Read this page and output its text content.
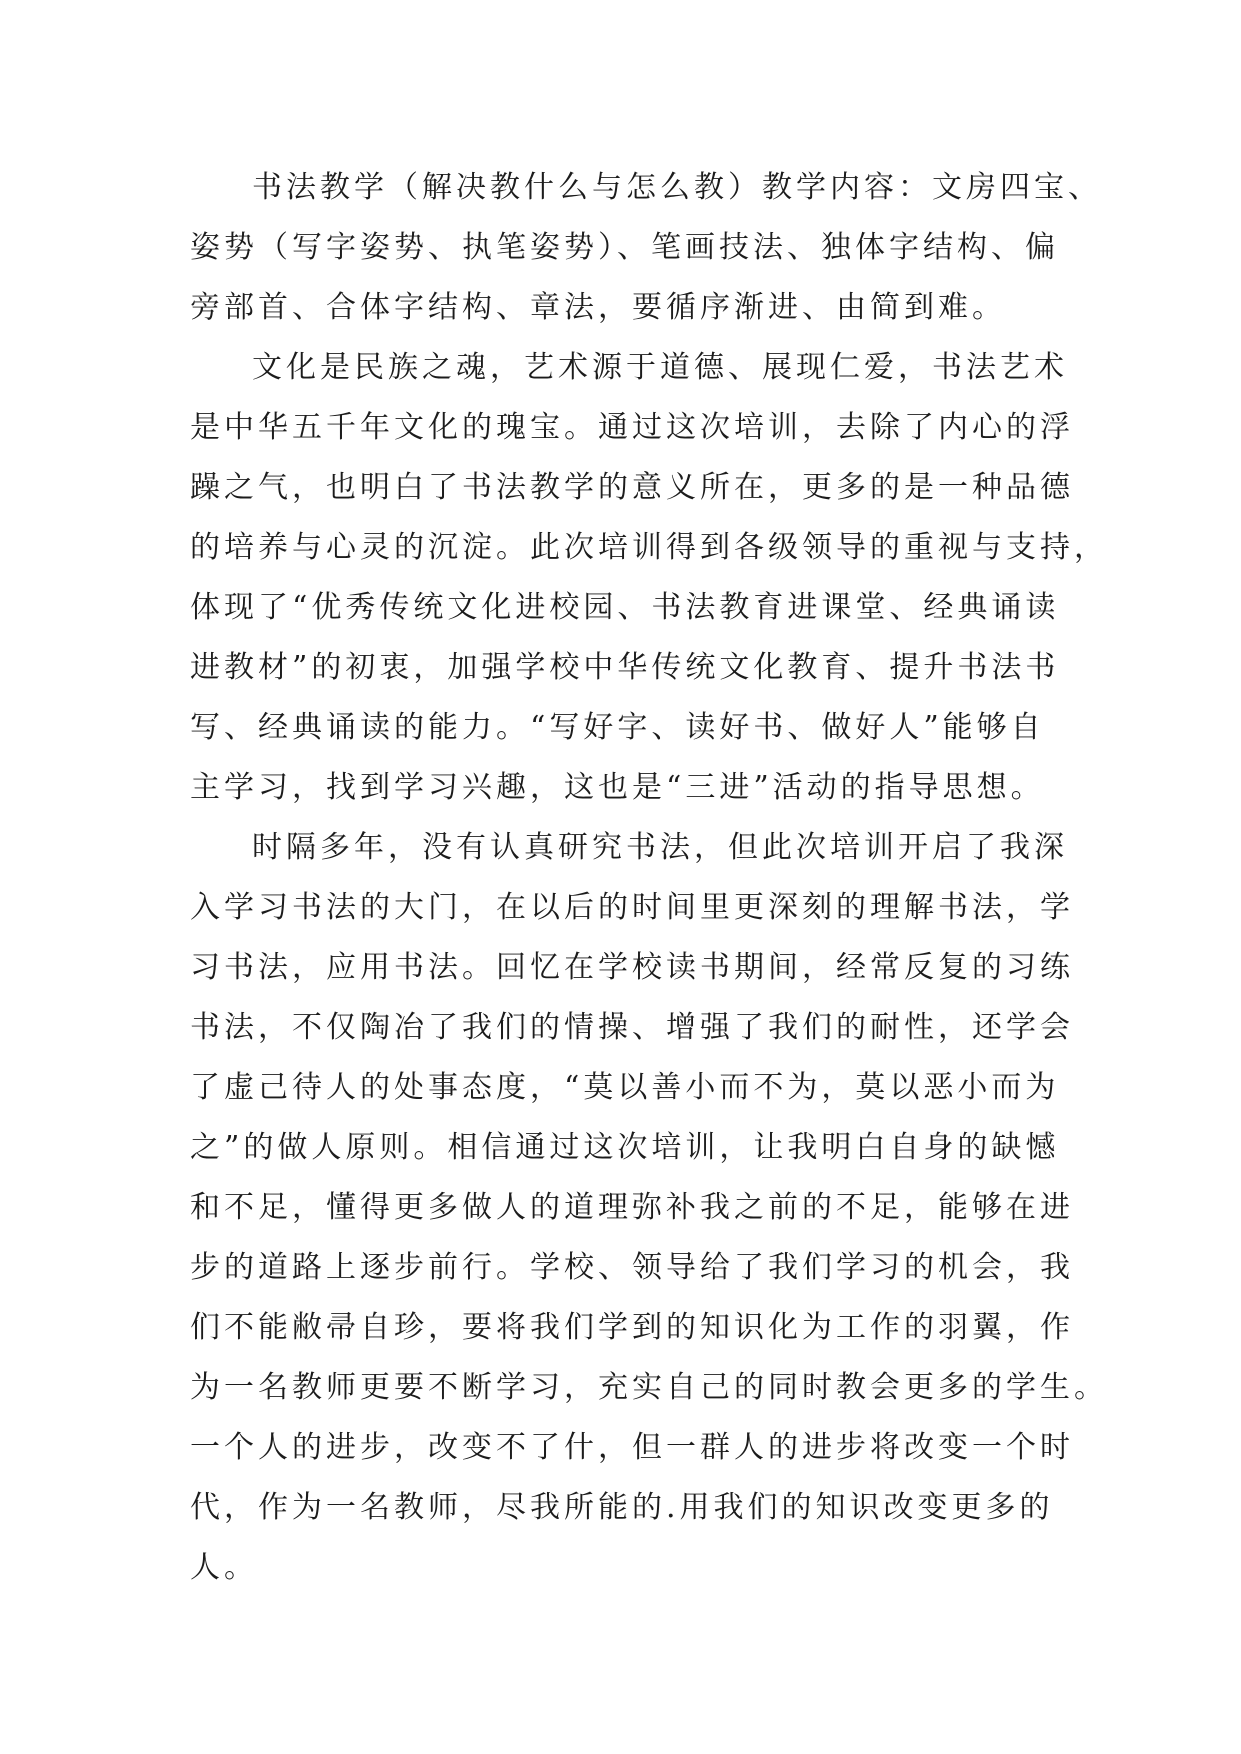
书法教学（解决教什么与怎么教）教学内容：文房四宝、
姿势（写字姿势、执笔姿势）、笔画技法、独体字结构、偏
旁部首、合体字结构、章法，要循序渐进、由简到难。
文化是民族之魂，艺术源于道德、展现仁爱，书法艺术
是中华五千年文化的瑰宝。通过这次培训，去除了内心的浮
躁之气，也明白了书法教学的意义所在，更多的是一种品德
的培养与心灵的沉淀。此次培训得到各级领导的重视与支持，
体现了“优秀传统文化进校园、书法教育进课堂、经典诵读
进教材”的初衷，加强学校中华传统文化教育、提升书法书
写、经典诵读的能力。“写好字、读好书、做好人”能够自
主学习，找到学习兴趣，这也是“三进”活动的指导思想。
时隔多年，没有认真研究书法，但此次培训开启了我深
入学习书法的大门，在以后的时间里更深刻的理解书法，学
习书法，应用书法。回忆在学校读书期间，经常反复的习练
书法，不仅陶冶了我们的情操、增强了我们的耐性，还学会
了虚己待人的处事态度，“莫以善小而不为，莫以恶小而为
之”的做人原则。相信通过这次培训，让我明白自身的缺憾
和不足，懂得更多做人的道理弥补我之前的不足，能够在进
步的道路上逐步前行。学校、领导给了我们学习的机会，我
们不能敝帚自珍，要将我们学到的知识化为工作的羽翼，作
为一名教师更要不断学习，充实自己的同时教会更多的学生。
一个人的进步，改变不了什，但一群人的进步将改变一个时
代，作为一名教师，尽我所能的.用我们的知识改变更多的
人。
